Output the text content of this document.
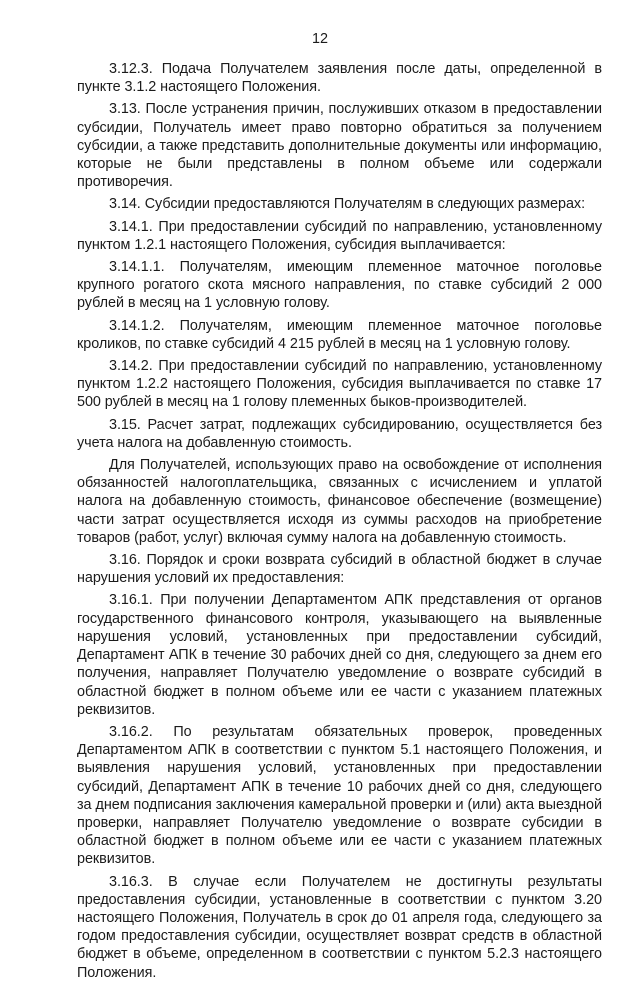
12

3.12.3. Подача Получателем заявления после даты, определенной в пункте 3.1.2 настоящего Положения.

3.13. После устранения причин, послуживших отказом в предоставлении субсидии, Получатель имеет право повторно обратиться за получением субсидии, а также представить дополнительные документы или информацию, которые не были представлены в полном объеме или содержали противоречия.

3.14. Субсидии предоставляются Получателям в следующих размерах:

3.14.1. При предоставлении субсидий по направлению, установленному пунктом 1.2.1 настоящего Положения, субсидия выплачивается:

3.14.1.1. Получателям, имеющим племенное маточное поголовье крупного рогатого скота мясного направления, по ставке субсидий 2 000 рублей в месяц на 1 условную голову.

3.14.1.2. Получателям, имеющим племенное маточное поголовье кроликов, по ставке субсидий 4 215 рублей в месяц на 1 условную голову.

3.14.2. При предоставлении субсидий по направлению, установленному пунктом 1.2.2 настоящего Положения, субсидия выплачивается по ставке 17 500 рублей в месяц на 1 голову племенных быков-производителей.

3.15. Расчет затрат, подлежащих субсидированию, осуществляется без учета налога на добавленную стоимость.

Для Получателей, использующих право на освобождение от исполнения обязанностей налогоплательщика, связанных с исчислением и уплатой налога на добавленную стоимость, финансовое обеспечение (возмещение) части затрат осуществляется исходя из суммы расходов на приобретение товаров (работ, услуг) включая сумму налога на добавленную стоимость.

3.16. Порядок и сроки возврата субсидий в областной бюджет в случае нарушения условий их предоставления:

3.16.1. При получении Департаментом АПК представления от органов государственного финансового контроля, указывающего на выявленные нарушения условий, установленных при предоставлении субсидий, Департамент АПК в течение 30 рабочих дней со дня, следующего за днем его получения, направляет Получателю уведомление о возврате субсидий в областной бюджет в полном объеме или ее части с указанием платежных реквизитов.

3.16.2. По результатам обязательных проверок, проведенных Департаментом АПК в соответствии с пунктом 5.1 настоящего Положения, и выявления нарушения условий, установленных при предоставлении субсидий, Департамент АПК в течение 10 рабочих дней со дня, следующего за днем подписания заключения камеральной проверки и (или) акта выездной проверки, направляет Получателю уведомление о возврате субсидии в областной бюджет в полном объеме или ее части с указанием платежных реквизитов.

3.16.3. В случае если Получателем не достигнуты результаты предоставления субсидии, установленные в соответствии с пунктом 3.20 настоящего Положения, Получатель в срок до 01 апреля года, следующего за годом предоставления субсидии, осуществляет возврат средств в областной бюджет в объеме, определенном в соответствии с пунктом 5.2.3 настоящего Положения.
